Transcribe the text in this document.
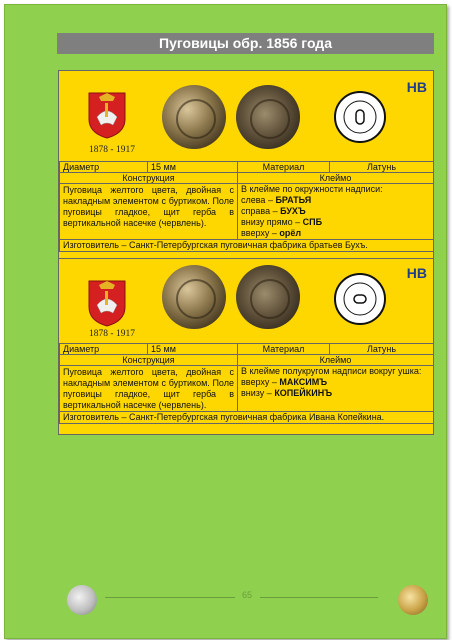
Пуговицы обр. 1856 года
1878 - 1917
НВ
Диаметр	15 мм	Материал	Латунь
Конструкция		Клеймо	
Пуговица желтого цвета, двойная с накладным элементом с буртиком. Поле пуговицы гладкое, щит герба в вертикальной насечке (червлень).		В клейме по окружности надписи:
слева – БРАТЬЯ
справа – БУХЪ
внизу прямо – СПБ
вверху – орёл	

Изготовитель – Санкт-Петербургская пуговичная фабрика братьев Бухъ.			
1878 - 1917
НВ
Диаметр	15 мм	Материал	Латунь
Конструкция		Клеймо	
Пуговица желтого цвета, двойная с накладным элементом с буртиком. Поле пуговицы гладкое, щит герба в вертикальной насечке (червлень).		В клейме полукругом надписи вокруг ушка:
вверху – МАКСИМЪ
внизу – КОПЕЙКИНЪ	

Изготовитель – Санкт-Петербургская пуговичная фабрика Ивана Копейкина.			
65
